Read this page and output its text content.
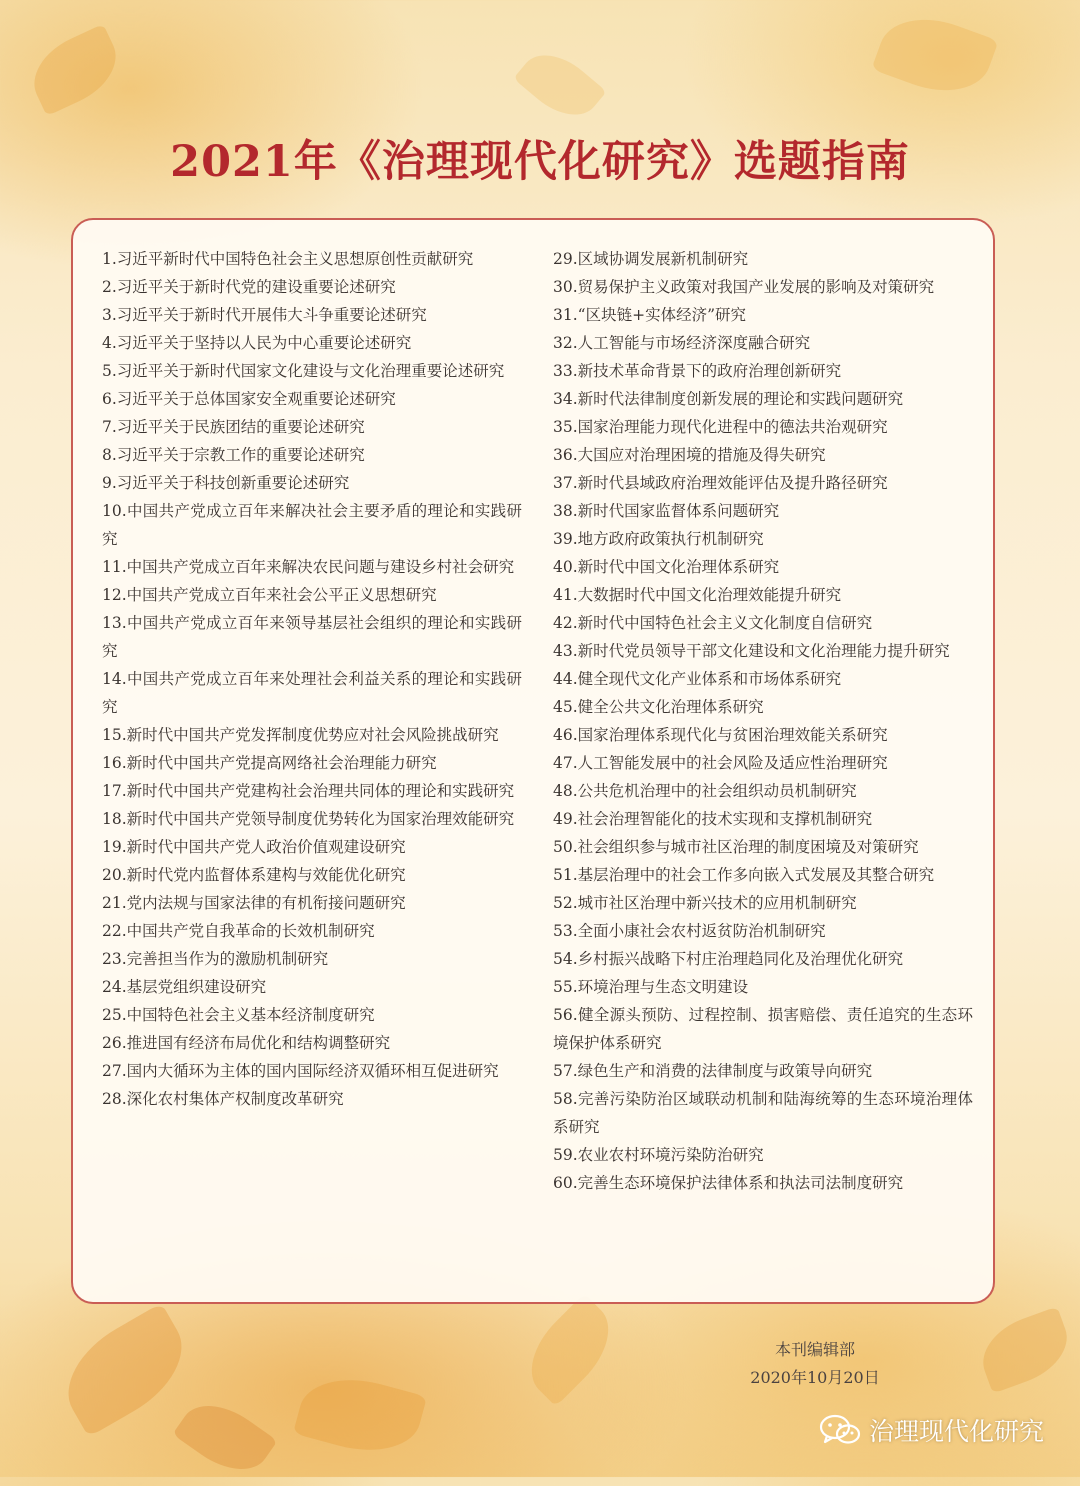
2021年《治理现代化研究》选题指南

1.习近平新时代中国特色社会主义思想原创性贡献研究

2.习近平关于新时代党的建设重要论述研究

3.习近平关于新时代开展伟大斗争重要论述研究

4.习近平关于坚持以人民为中心重要论述研究

5.习近平关于新时代国家文化建设与文化治理重要论述研究

6.习近平关于总体国家安全观重要论述研究

7.习近平关于民族团结的重要论述研究

8.习近平关于宗教工作的重要论述研究

9.习近平关于科技创新重要论述研究

10.中国共产党成立百年来解决社会主要矛盾的理论和实践研究

11.中国共产党成立百年来解决农民问题与建设乡村社会研究

12.中国共产党成立百年来社会公平正义思想研究

13.中国共产党成立百年来领导基层社会组织的理论和实践研究

14.中国共产党成立百年来处理社会利益关系的理论和实践研究

15.新时代中国共产党发挥制度优势应对社会风险挑战研究

16.新时代中国共产党提高网络社会治理能力研究

17.新时代中国共产党建构社会治理共同体的理论和实践研究

18.新时代中国共产党领导制度优势转化为国家治理效能研究

19.新时代中国共产党人政治价值观建设研究

20.新时代党内监督体系建构与效能优化研究

21.党内法规与国家法律的有机衔接问题研究

22.中国共产党自我革命的长效机制研究

23.完善担当作为的激励机制研究

24.基层党组织建设研究

25.中国特色社会主义基本经济制度研究

26.推进国有经济布局优化和结构调整研究

27.国内大循环为主体的国内国际经济双循环相互促进研究

28.深化农村集体产权制度改革研究

29.区域协调发展新机制研究

30.贸易保护主义政策对我国产业发展的影响及对策研究

31.“区块链+实体经济”研究

32.人工智能与市场经济深度融合研究

33.新技术革命背景下的政府治理创新研究

34.新时代法律制度创新发展的理论和实践问题研究

35.国家治理能力现代化进程中的德法共治观研究

36.大国应对治理困境的措施及得失研究

37.新时代县域政府治理效能评估及提升路径研究

38.新时代国家监督体系问题研究

39.地方政府政策执行机制研究

40.新时代中国文化治理体系研究

41.大数据时代中国文化治理效能提升研究

42.新时代中国特色社会主义文化制度自信研究

43.新时代党员领导干部文化建设和文化治理能力提升研究

44.健全现代文化产业体系和市场体系研究

45.健全公共文化治理体系研究

46.国家治理体系现代化与贫困治理效能关系研究

47.人工智能发展中的社会风险及适应性治理研究

48.公共危机治理中的社会组织动员机制研究

49.社会治理智能化的技术实现和支撑机制研究

50.社会组织参与城市社区治理的制度困境及对策研究

51.基层治理中的社会工作多向嵌入式发展及其整合研究

52.城市社区治理中新兴技术的应用机制研究

53.全面小康社会农村返贫防治机制研究

54.乡村振兴战略下村庄治理趋同化及治理优化研究

55.环境治理与生态文明建设

56.健全源头预防、过程控制、损害赔偿、责任追究的生态环境保护体系研究

57.绿色生产和消费的法律制度与政策导向研究

58.完善污染防治区域联动机制和陆海统筹的生态环境治理体系研究

59.农业农村环境污染防治研究

60.完善生态环境保护法律体系和执法司法制度研究

本刊编辑部
2020年10月20日
治理现代化研究
